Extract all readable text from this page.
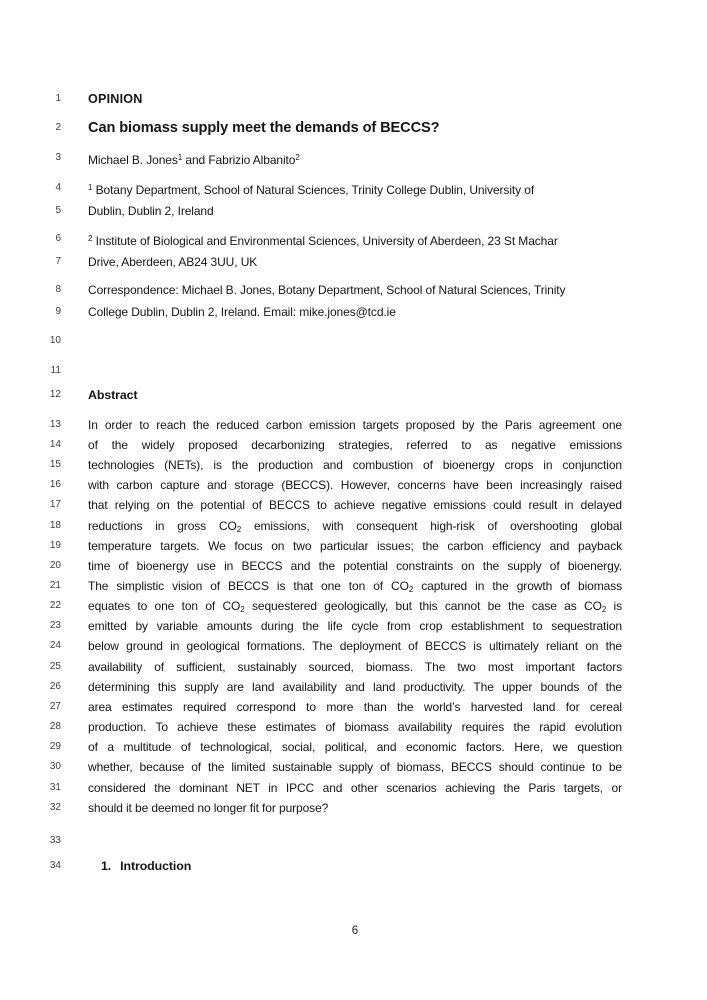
1 OPINION
2 Can biomass supply meet the demands of BECCS?
3 Michael B. Jones$^1$ and Fabrizio Albanito$^2$
4	$^1$ Botany Department, School of Natural Sciences, Trinity College Dublin, University of
5 Dublin, Dublin 2, Ireland
6	$^2$ Institute of Biological and Environmental Sciences, University of Aberdeen, 23 St Machar
7 Drive, Aberdeen, AB24 3UU, UK
8 Correspondence: Michael B. Jones, Botany Department, School of Natural Sciences, Trinity
9 College Dublin, Dublin 2, Ireland. Email: mike.jones@tcd.ie
10
11
12 Abstract
13 In order to reach the reduced carbon emission targets proposed by the Paris agreement one
14 of the widely proposed decarbonizing strategies, referred to as negative emissions
15 technologies (NETs), is the production and combustion of bioenergy crops in conjunction
16 with carbon capture and storage (BECCS). However, concerns have been increasingly raised
17 that relying on the potential of BECCS to achieve negative emissions could result in delayed
18 reductions in gross $CO_2$ emissions, with consequent high-risk of overshooting global
19 temperature targets. We focus on two particular issues; the carbon efficiency and payback
20 time of bioenergy use in BECCS and the potential constraints on the supply of bioenergy.
21 The simplistic vision of BECCS is that one ton of $CO_2$ captured in the growth of biomass
22 equates to one ton of $CO_2$ sequestered geologically, but this cannot be the case as $CO_2$ is
23 emitted by variable amounts during the life cycle from crop establishment to sequestration
24 below ground in geological formations. The deployment of BECCS is ultimately reliant on the
25 availability of sufficient, sustainably sourced, biomass. The two most important factors
26 determining this supply are land availability and land productivity. The upper bounds of the
27 area estimates required correspond to more than the world’s harvested land for cereal
28 production. To achieve these estimates of biomass availability requires the rapid evolution
29 of a multitude of technological, social, political, and economic factors. Here, we question
30 whether, because of the limited sustainable supply of biomass, BECCS should continue to be
31 considered the dominant NET in IPCC and other scenarios achieving the Paris targets, or
32 should it be deemed no longer fit for purpose?
33
34	1. Introduction
6
